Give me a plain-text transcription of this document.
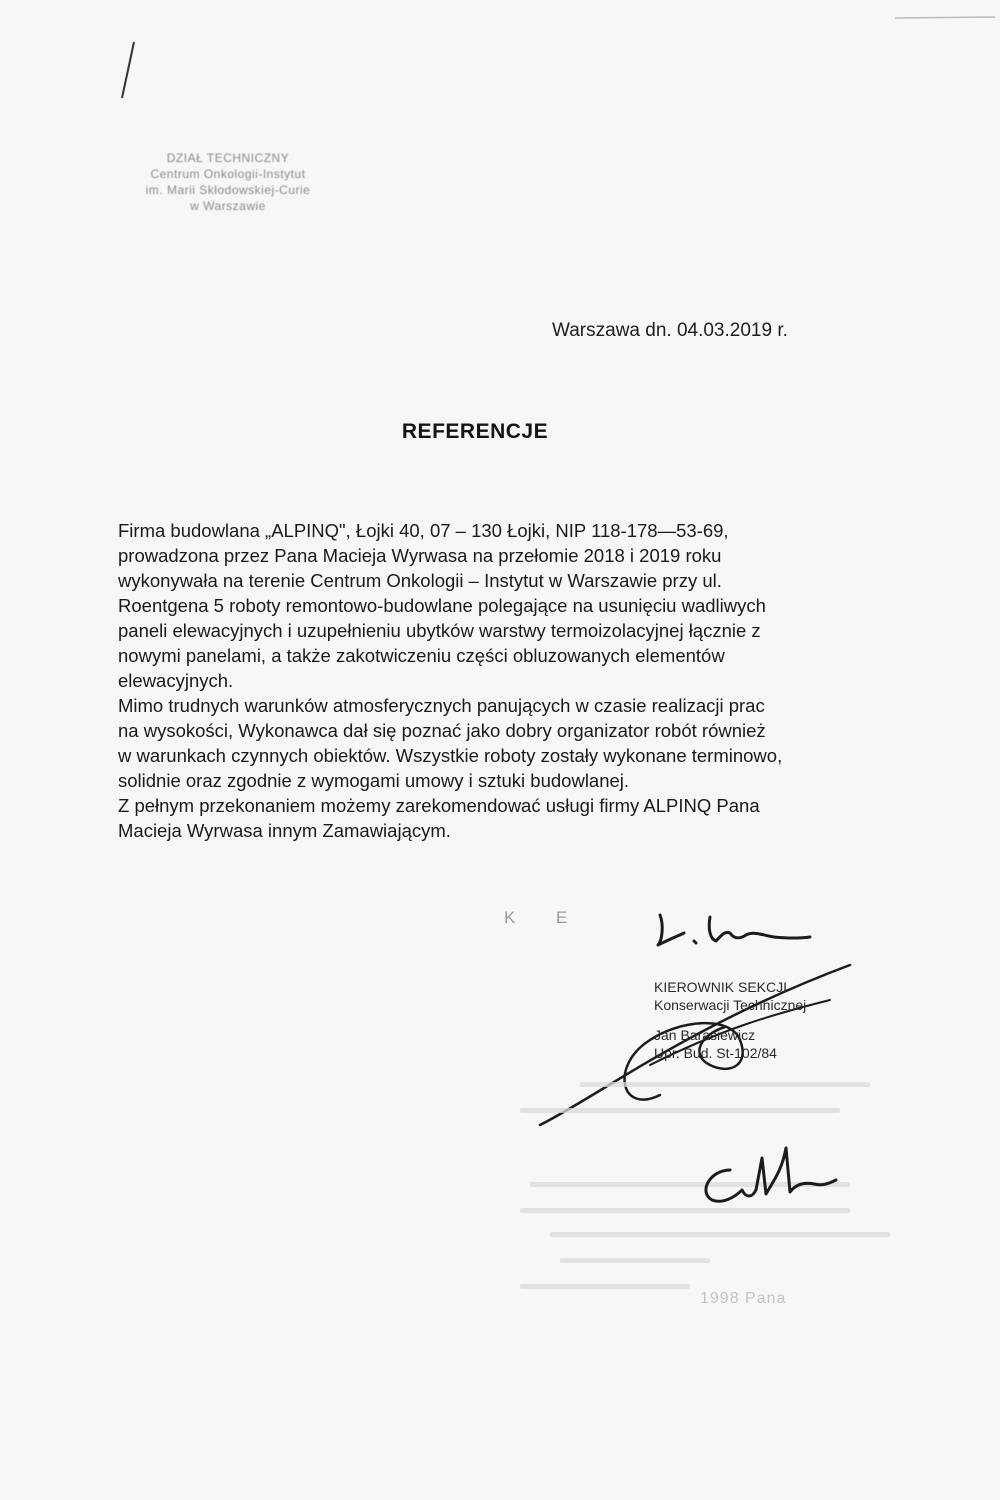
DZIAŁ TECHNICZNY
Centrum Onkologii-Instytut
im. Marii Skłodowskiej-Curie
w Warszawie
Warszawa dn. 04.03.2019 r.
REFERENCJE
Firma budowlana „ALPINQ", Łojki 40, 07 – 130 Łojki, NIP 118-178—53-69,
prowadzona przez Pana Macieja Wyrwasa na przełomie 2018 i 2019 roku
wykonywała na terenie Centrum Onkologii – Instytut w Warszawie przy ul.
Roentgena 5 roboty remontowo-budowlane polegające na usunięciu wadliwych
paneli elewacyjnych i uzupełnieniu ubytków warstwy termoizolacyjnej łącznie z
nowymi panelami, a także zakotwiczeniu części obluzowanych elementów
elewacyjnych.
Mimo trudnych warunków atmosferycznych panujących w czasie realizacji prac
na wysokości, Wykonawca dał się poznać jako dobry organizator robót również
w warunkach czynnych obiektów. Wszystkie roboty zostały wykonane terminowo,
solidnie oraz zgodnie z wymogami umowy i sztuki budowlanej.
Z pełnym przekonaniem możemy zarekomendować usługi firmy ALPINQ Pana
Macieja Wyrwasa innym Zamawiającym.
K E
KIEROWNIK SEKCJI
Konserwacji Technicznej
Jan Barasiewicz
Upr. Bud. St-102/84
1998 Pana
